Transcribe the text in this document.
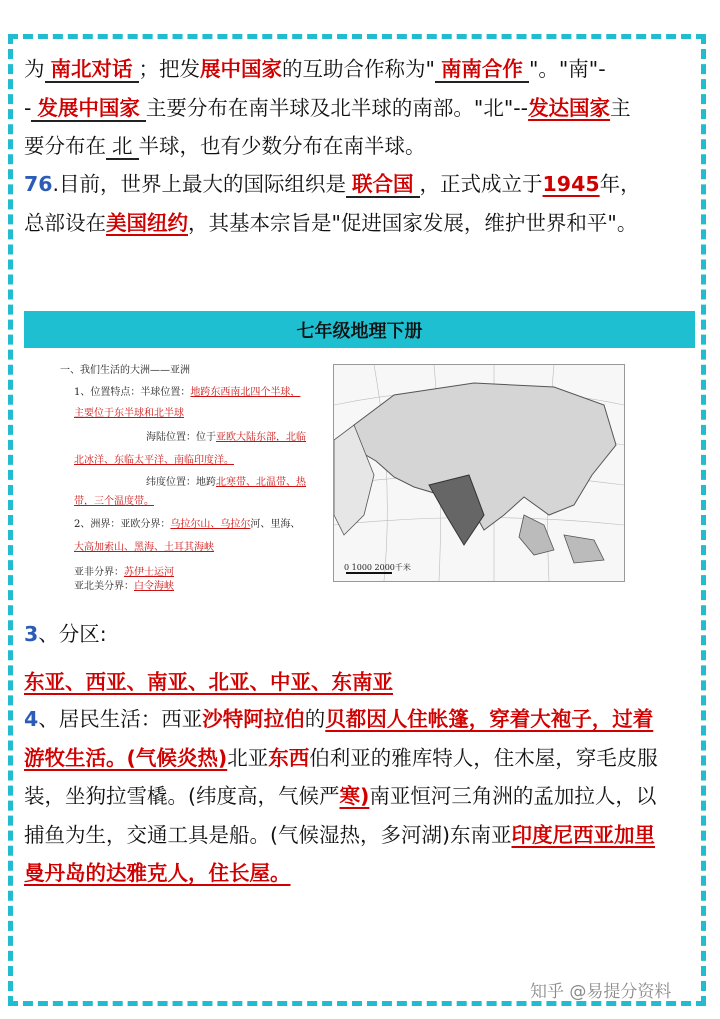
为 南北对话 ；把发展中国家的互助合作称为" 南南合作 "。"南"-
- 发展中国家 主要分布在南半球及北半球的南部。"北"--发达国家主
要分布在 北 半球，也有少数分布在南半球。

76.目前，世界上最大的国际组织是 联合国 ，正式成立于1945年，
总部设在美国纽约，其基本宗旨是"促进国家发展，维护世界和平"。

七年级地理下册
一、我们生活的大洲——亚洲
1、位置特点：半球位置：地跨东西南北四个半球，
主要位于东半球和北半球
海陆位置：位于亚欧大陆东部，北临
北冰洋、东临太平洋、南临印度洋。
纬度位置：地跨北寒带、北温带、热
带，三个温度带。
2、洲界：亚欧分界：乌拉尔山、乌拉尔河、里海、
大高加索山、黑海、土耳其海峡
亚非分界：苏伊士运河
亚北美分界：白令海峡
0 1000 2000千米

3、分区:

东亚、西亚、南亚、北亚、中亚、东南亚

4、居民生活：西亚沙特阿拉伯的贝都因人住帐篷，穿着大袍子，过着
游牧生活。(气候炎热)北亚东西伯利亚的雅库特人，住木屋，穿毛皮服
装，坐狗拉雪橇。(纬度高，气候严寒)南亚恒河三角洲的孟加拉人，以
捕鱼为生，交通工具是船。(气候湿热，多河湖)东南亚印度尼西亚加里
曼丹岛的达雅克人，住长屋。

知乎 @易提分资料
